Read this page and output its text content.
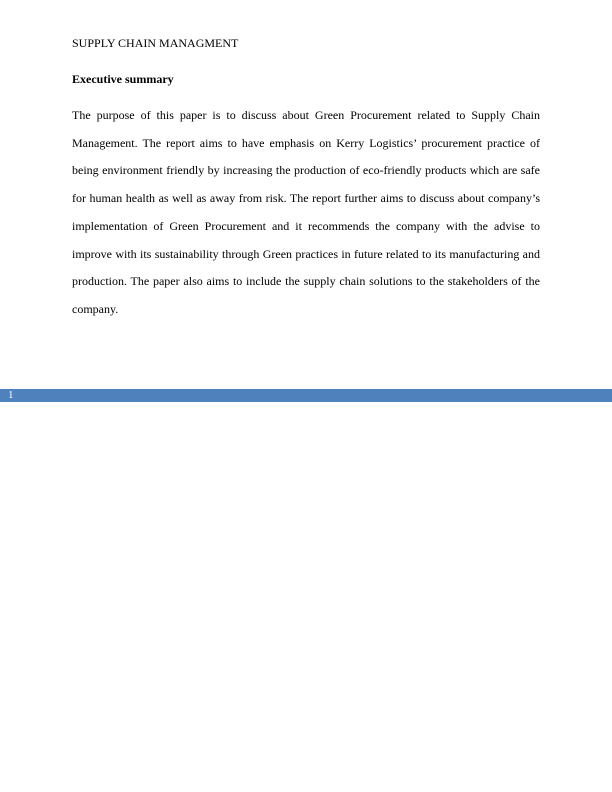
SUPPLY CHAIN MANAGMENT
Executive summary

The purpose of this paper is to discuss about Green Procurement related to Supply Chain Management. The report aims to have emphasis on Kerry Logistics’ procurement practice of being environment friendly by increasing the production of eco-friendly products which are safe for human health as well as away from risk. The report further aims to discuss about company’s implementation of Green Procurement and it recommends the company with the advise to improve with its sustainability through Green practices in future related to its manufacturing and production. The paper also aims to include the supply chain solutions to the stakeholders of the company.

1
